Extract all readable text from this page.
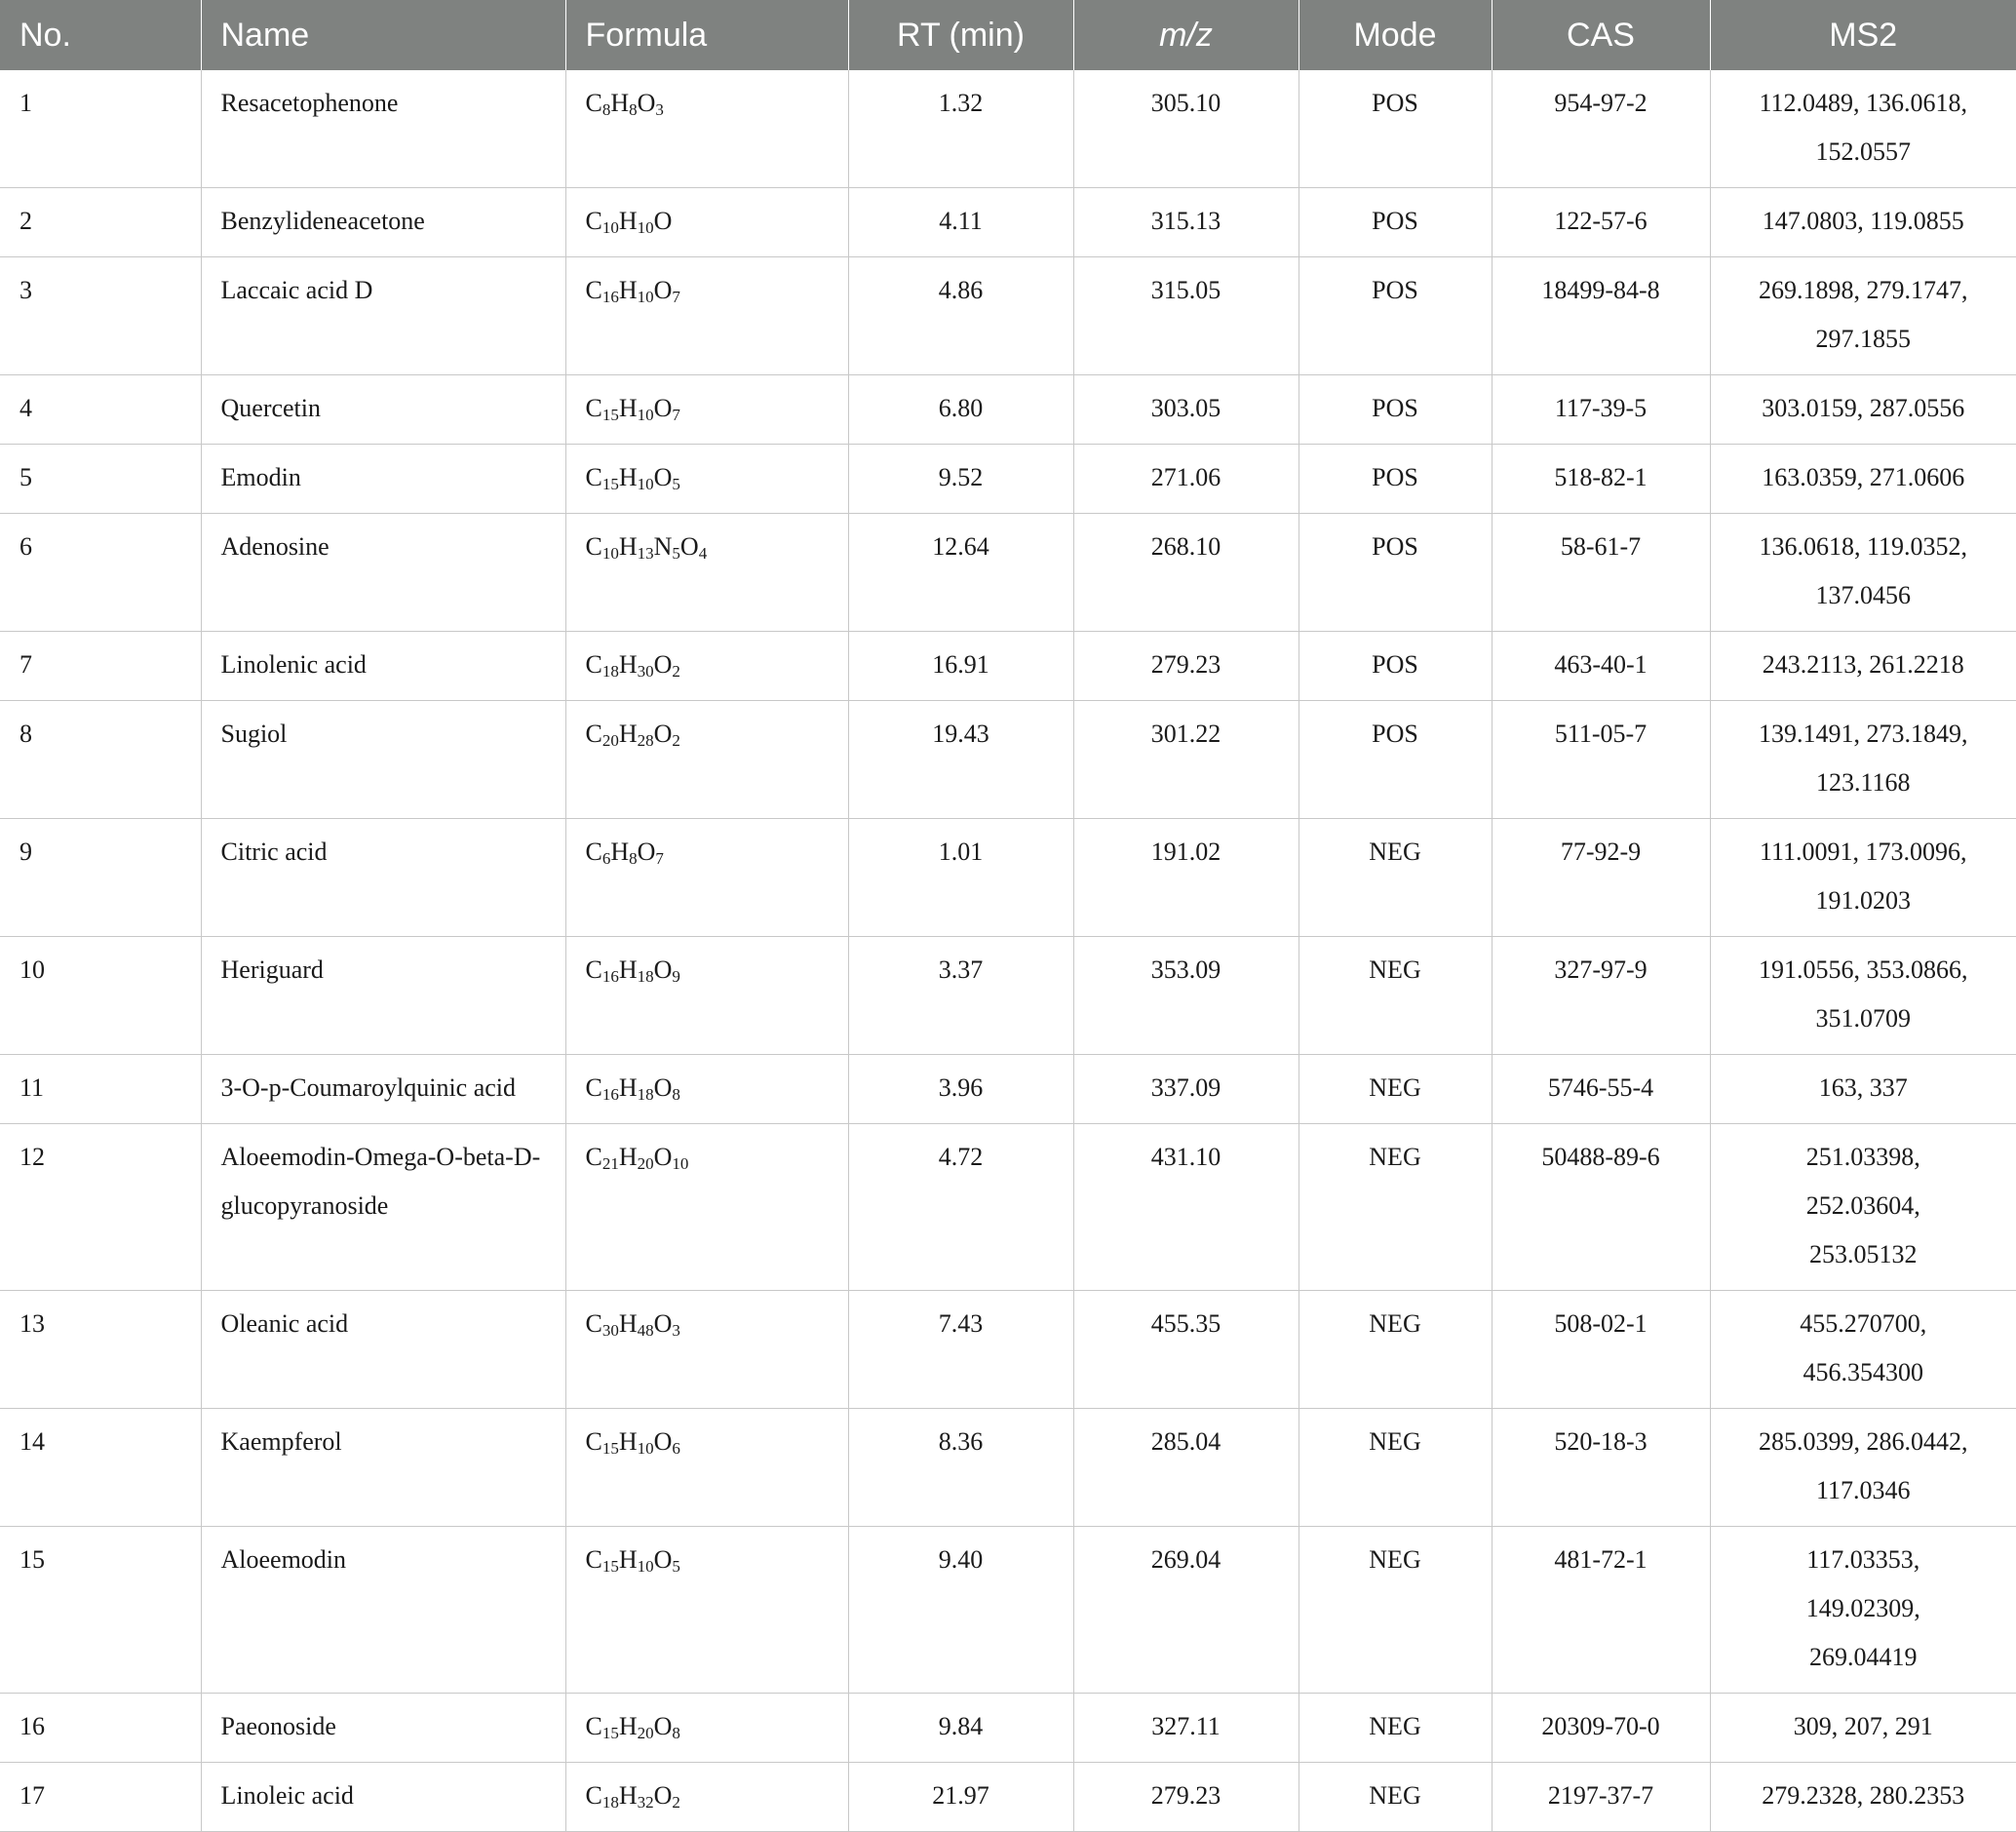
No.	Name	Formula	RT (min)	m/z	Mode	CAS	MS2
1	Resacetophenone	$C_8H_8O_3$	1.32	305.10	POS	954-97-2	112.0489, 136.0618,
152.0557

2	Benzylideneacetone	$C_{10}H_{10}O$	4.11	315.13	POS	122-57-6	147.0803, 119.0855

3	Laccaic acid D	$C_{16}H_{10}O_7$	4.86	315.05	POS	18499-84-8	269.1898, 279.1747,
297.1855

4	Quercetin	$C_{15}H_{10}O_7$	6.80	303.05	POS	117-39-5	303.0159, 287.0556

5	Emodin	$C_{15}H_{10}O_5$	9.52	271.06	POS	518-82-1	163.0359, 271.0606

6	Adenosine	$C_{10}H_{13}N_5O_4$	12.64	268.10	POS	58-61-7	136.0618, 119.0352,
137.0456

7	Linolenic acid	$C_{18}H_{30}O_2$	16.91	279.23	POS	463-40-1	243.2113, 261.2218

8	Sugiol	$C_{20}H_{28}O_2$	19.43	301.22	POS	511-05-7	139.1491, 273.1849,
123.1168

9	Citric acid	$C_6H_8O_7$	1.01	191.02	NEG	77-92-9	111.0091, 173.0096,
191.0203

10	Heriguard	$C_{16}H_{18}O_9$	3.37	353.09	NEG	327-97-9	191.0556, 353.0866,
351.0709

11	3-O-p-Coumaroylquinic acid	$C_{16}H_{18}O_8$	3.96	337.09	NEG	5746-55-4	163, 337

12	Aloeemodin-Omega-O-beta-D-glucopyranoside	$C_{21}H_{20}O_{10}$	4.72	431.10	NEG	50488-89-6	251.03398,
252.03604,
253.05132

13	Oleanic acid	$C_{30}H_{48}O_3$	7.43	455.35	NEG	508-02-1	455.270700,
456.354300

14	Kaempferol	$C_{15}H_{10}O_6$	8.36	285.04	NEG	520-18-3	285.0399, 286.0442,
117.0346

15	Aloeemodin	$C_{15}H_{10}O_5$	9.40	269.04	NEG	481-72-1	117.03353,
149.02309,
269.04419

16	Paeonoside	$C_{15}H_{20}O_8$	9.84	327.11	NEG	20309-70-0	309, 207, 291

17	Linoleic acid	$C_{18}H_{32}O_2$	21.97	279.23	NEG	2197-37-7	279.2328, 280.2353
